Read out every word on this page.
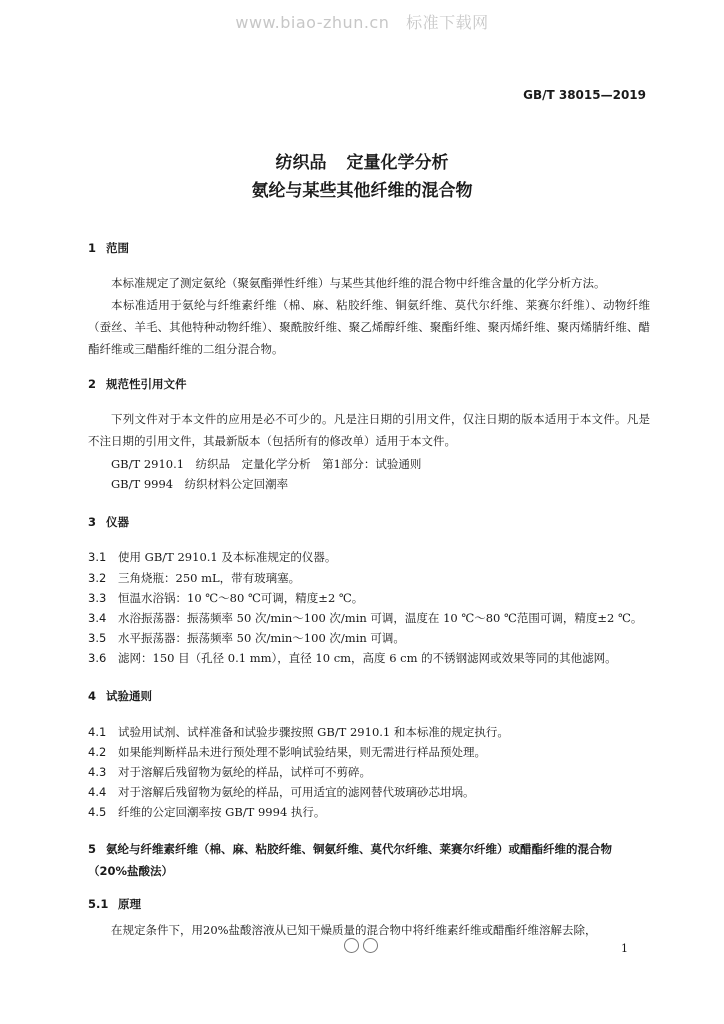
www.biao-zhun.cn   标准下载网
GB/T 38015—2019
纺织品 定量化学分析
氨纶与某些其他纤维的混合物
1 范围
本标准规定了测定氨纶（聚氨酯弹性纤维）与某些其他纤维的混合物中纤维含量的化学分析方法。
本标准适用于氨纶与纤维素纤维（棉、麻、粘胶纤维、铜氨纤维、莫代尔纤维、莱赛尔纤维）、动物纤维（蚕丝、羊毛、其他特种动物纤维）、聚酰胺纤维、聚乙烯醇纤维、聚酯纤维、聚丙烯纤维、聚丙烯腈纤维、醋酯纤维或三醋酯纤维的二组分混合物。
2 规范性引用文件
下列文件对于本文件的应用是必不可少的。凡是注日期的引用文件，仅注日期的版本适用于本文件。凡是不注日期的引用文件，其最新版本（包括所有的修改单）适用于本文件。
GB/T 2910.1　纺织品　定量化学分析　第1部分：试验通则
GB/T 9994　纺织材料公定回潮率
3 仪器
3.1 使用 GB/T 2910.1 及本标准规定的仪器。
3.2 三角烧瓶：250 mL，带有玻璃塞。
3.3 恒温水浴锅：10 ℃～80 ℃可调，精度±2 ℃。
3.4 水浴振荡器：振荡频率 50 次/min～100 次/min 可调，温度在 10 ℃～80 ℃范围可调，精度±2 ℃。
3.5 水平振荡器：振荡频率 50 次/min～100 次/min 可调。
3.6 滤网：150 目（孔径 0.1 mm），直径 10 cm，高度 6 cm 的不锈钢滤网或效果等同的其他滤网。
4 试验通则
4.1 试验用试剂、试样准备和试验步骤按照 GB/T 2910.1 和本标准的规定执行。
4.2 如果能判断样品未进行预处理不影响试验结果，则无需进行样品预处理。
4.3 对于溶解后残留物为氨纶的样品，试样可不剪碎。
4.4 对于溶解后残留物为氨纶的样品，可用适宜的滤网替代玻璃砂芯坩埚。
4.5 纤维的公定回潮率按 GB/T 9994 执行。
5 氨纶与纤维素纤维（棉、麻、粘胶纤维、铜氨纤维、莫代尔纤维、莱赛尔纤维）或醋酯纤维的混合物（20%盐酸法）
5.1 原理
在规定条件下，用20%盐酸溶液从已知干燥质量的混合物中将纤维素纤维或醋酯纤维溶解去除，
1
